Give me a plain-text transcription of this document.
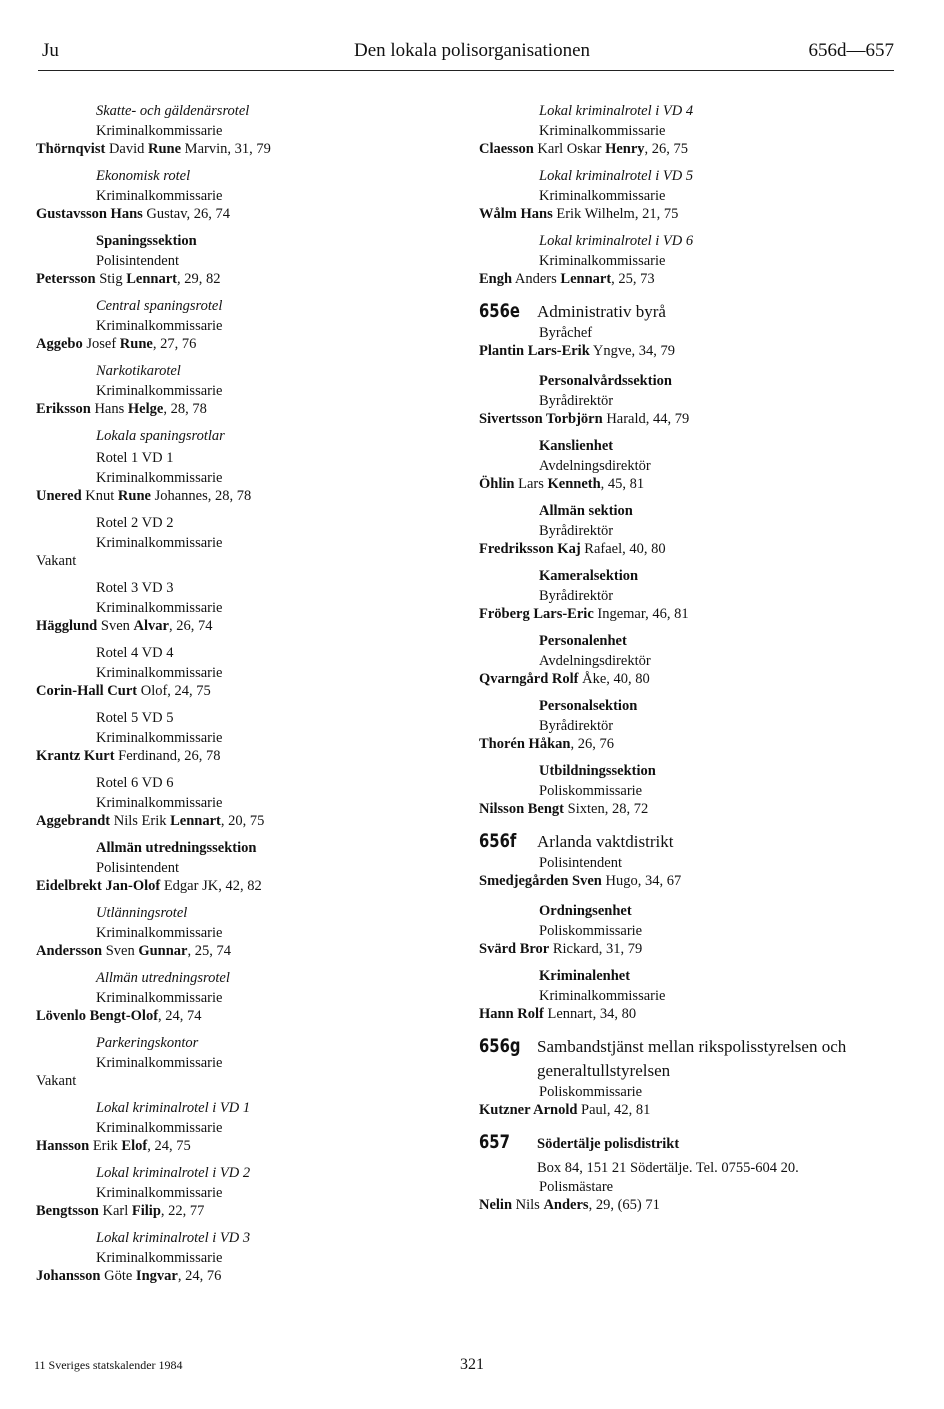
Ju	Den lokala polisorganisationen	656d—657
Skatte- och gäldenärsrotel
Kriminalkommissarie
Thörnqvist David Rune Marvin, 31, 79
Ekonomisk rotel
Kriminalkommissarie
Gustavsson Hans Gustav, 26, 74
Spaningssektion
Polisintendent
Petersson Stig Lennart, 29, 82
Central spaningsrotel
Kriminalkommissarie
Aggebo Josef Rune, 27, 76
Narkotikarotel
Kriminalkommissarie
Eriksson Hans Helge, 28, 78
Lokala spaningsrotlar
Rotel 1 VD 1
Kriminalkommissarie
Unered Knut Rune Johannes, 28, 78
Rotel 2 VD 2
Kriminalkommissarie
Vakant
Rotel 3 VD 3
Kriminalkommissarie
Hägglund Sven Alvar, 26, 74
Rotel 4 VD 4
Kriminalkommissarie
Corin-Hall Curt Olof, 24, 75
Rotel 5 VD 5
Kriminalkommissarie
Krantz Kurt Ferdinand, 26, 78
Rotel 6 VD 6
Kriminalkommissarie
Aggebrandt Nils Erik Lennart, 20, 75
Allmän utredningssektion
Polisintendent
Eidelbrekt Jan-Olof Edgar JK, 42, 82
Utlänningsrotel
Kriminalkommissarie
Andersson Sven Gunnar, 25, 74
Allmän utredningsrotel
Kriminalkommissarie
Lövenlo Bengt-Olof, 24, 74
Parkeringskontor
Kriminalkommissarie
Vakant
Lokal kriminalrotel i VD 1
Kriminalkommissarie
Hansson Erik Elof, 24, 75
Lokal kriminalrotel i VD 2
Kriminalkommissarie
Bengtsson Karl Filip, 22, 77
Lokal kriminalrotel i VD 3
Kriminalkommissarie
Johansson Göte Ingvar, 24, 76
Lokal kriminalrotel i VD 4
Kriminalkommissarie
Claesson Karl Oskar Henry, 26, 75
Lokal kriminalrotel i VD 5
Kriminalkommissarie
Wålm Hans Erik Wilhelm, 21, 75
Lokal kriminalrotel i VD 6
Kriminalkommissarie
Engh Anders Lennart, 25, 73
656e Administrativ byrå
Byråchef
Plantin Lars-Erik Yngve, 34, 79
Personalvårdssektion
Byrådirektör
Sivertsson Torbjörn Harald, 44, 79
Kanslienhet
Avdelningsdirektör
Öhlin Lars Kenneth, 45, 81
Allmän sektion
Byrådirektör
Fredriksson Kaj Rafael, 40, 80
Kameralsektion
Byrådirektör
Fröberg Lars-Eric Ingemar, 46, 81
Personalenhet
Avdelningsdirektör
Qvarngård Rolf Åke, 40, 80
Personalsektion
Byrådirektör
Thorén Håkan, 26, 76
Utbildningssektion
Poliskommissarie
Nilsson Bengt Sixten, 28, 72
656f	Arlanda vaktdistrikt
Polisintendent
Smedjegården Sven Hugo, 34, 67
Ordningsenhet
Poliskommissarie
Svärd Bror Rickard, 31, 79
Kriminalenhet
Kriminalkommissarie
Hann Rolf Lennart, 34, 80
656g Sambandstjänst mellan rikspolisstyrelsen och generaltullstyrelsen
Poliskommissarie
Kutzner Arnold Paul, 42, 81
657	Södertälje polisdistrikt
Box 84, 151 21 Södertälje. Tel. 0755-604 20.
Polismästare
Nelin Nils Anders, 29, (65) 71
11 Sveriges statskalender 1984	321
